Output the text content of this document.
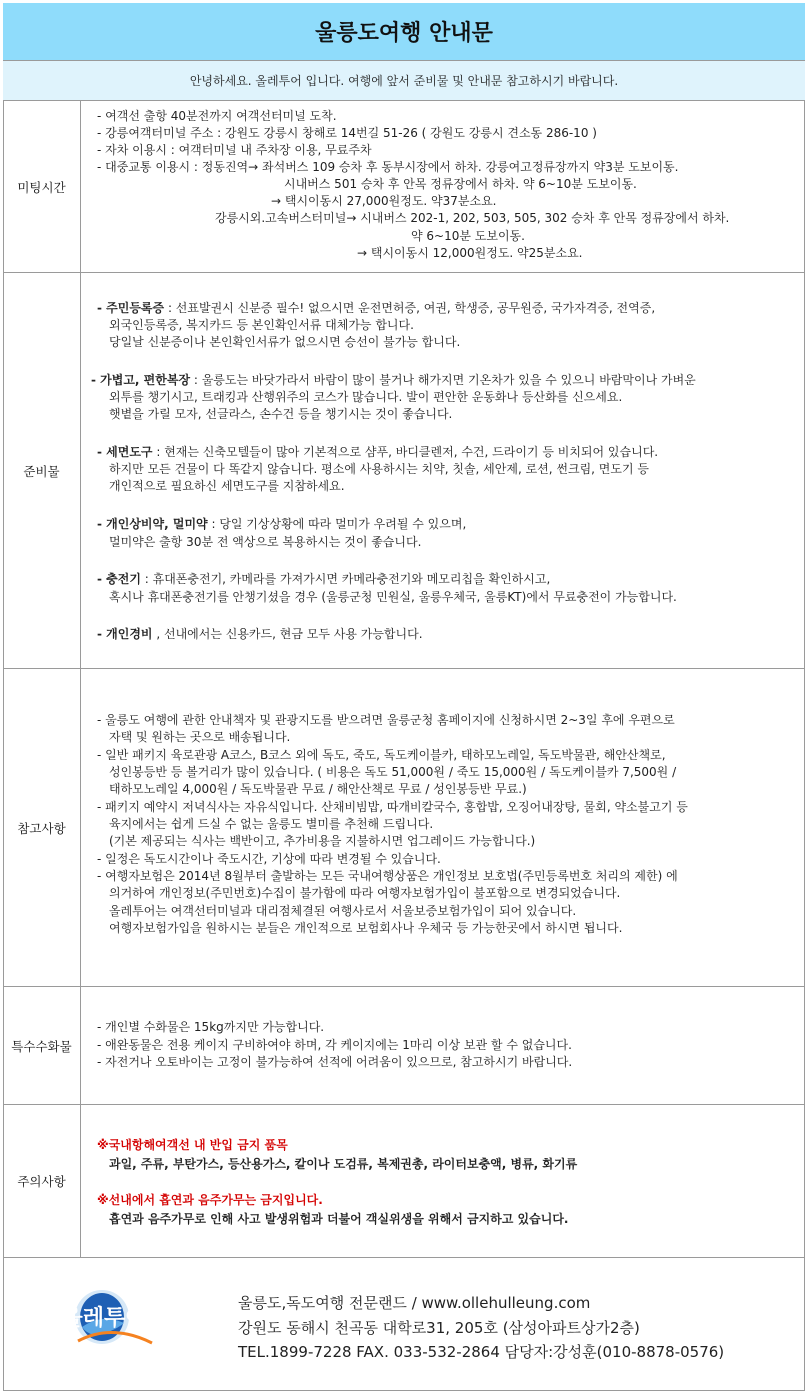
울릉도여행 안내문
안녕하세요. 올레투어 입니다. 여행에 앞서 준비물 및 안내문 참고하시기 바랍니다.
미팅시간
- 여객선 출항 40분전까지 여객선터미널 도착.
- 강릉여객터미널 주소 : 강원도 강릉시 창해로 14번길 51-26 ( 강원도 강릉시 견소동 286-10 )
- 자차 이용시 : 여객터미널 내 주차장 이용, 무료주차
- 대중교통 이용시 : 정동진역→ 좌석버스 109 승차 후 동부시장에서 하차. 강릉여고정류장까지 약3분 도보이동.
시내버스 501 승차 후 안목 정류장에서 하차. 약 6~10분 도보이동.
→ 택시이동시 27,000원정도. 약37분소요.
강릉시외.고속버스터미널→ 시내버스 202-1, 202, 503, 505, 302 승차 후 안목 정류장에서 하차.
약 6~10분 도보이동.
→ 택시이동시 12,000원정도. 약25분소요.
준비물
- 주민등록증 : 선표발권시 신분증 필수! 없으시면 운전면허증, 여권, 학생증, 공무원증, 국가자격증, 전역증,
외국인등록증, 복지카드 등 본인확인서류 대체가능 합니다.
당일날 신분증이나 본인확인서류가 없으시면 승선이 불가능 합니다.
- 가볍고, 편한복장 : 울릉도는 바닷가라서 바람이 많이 불거나 해가지면 기온차가 있을 수 있으니 바람막이나 가벼운
외투를 챙기시고, 트래킹과 산행위주의 코스가 많습니다. 발이 편안한 운동화나 등산화를 신으세요.
햇볕을 가릴 모자, 선글라스, 손수건 등을 챙기시는 것이 좋습니다.
- 세면도구 : 현재는 신축모텔들이 많아 기본적으로 샴푸, 바디클렌저, 수건, 드라이기 등 비치되어 있습니다.
하지만 모든 건물이 다 똑같지 않습니다. 평소에 사용하시는 치약, 칫솔, 세안제, 로션, 썬크림, 면도기 등
개인적으로 필요하신 세면도구를 지참하세요.
- 개인상비약, 멀미약 : 당일 기상상황에 따라 멀미가 우려될 수 있으며,
멀미약은 출항 30분 전 액상으로 복용하시는 것이 좋습니다.
- 충전기 : 휴대폰충전기, 카메라를 가져가시면 카메라충전기와 메모리칩을 확인하시고,
혹시나 휴대폰충전기를 안챙기셨을 경우 (울릉군청 민원실, 울릉우체국, 울릉KT)에서 무료충전이 가능합니다.
- 개인경비 , 선내에서는 신용카드, 현금 모두 사용 가능합니다.
참고사항
- 울릉도 여행에 관한 안내책자 및 관광지도를 받으려면 울릉군청 홈페이지에 신청하시면 2~3일 후에 우편으로
자택 및 원하는 곳으로 배송됩니다.
- 일반 패키지 육로관광 A코스, B코스 외에 독도, 죽도, 독도케이블카, 태하모노레일, 독도박물관, 해안산책로,
성인봉등반 등 볼거리가 많이 있습니다. ( 비용은 독도 51,000원 / 죽도 15,000원 / 독도케이블카 7,500원 /
태하모노레일 4,000원 / 독도박물관 무료 / 해안산책로 무료 / 성인봉등반 무료.)
- 패키지 예약시 저녁식사는 자유식입니다. 산채비빔밥, 따개비칼국수, 홍합밥, 오징어내장탕, 물회, 약소불고기 등
육지에서는 쉽게 드실 수 없는 울릉도 별미를 추천해 드립니다.
(기본 제공되는 식사는 백반이고, 추가비용을 지불하시면 업그레이드 가능합니다.)
- 일정은 독도시간이나 죽도시간, 기상에 따라 변경될 수 있습니다.
- 여행자보험은 2014년 8월부터 출발하는 모든 국내여행상품은 개인정보 보호법(주민등록번호 처리의 제한) 에
의거하여 개인정보(주민번호)수집이 불가함에 따라 여행자보험가입이 불포함으로 변경되었습니다.
올레투어는 여객선터미널과 대리점체결된 여행사로서 서울보증보험가입이 되어 있습니다.
여행자보험가입을 원하시는 분들은 개인적으로 보험회사나 우체국 등 가능한곳에서 하시면 됩니다.
특수수화물
- 개인별 수화물은 15kg까지만 가능합니다.
- 애완동물은 전용 케이지 구비하여야 하며, 각 케이지에는 1마리 이상 보관 할 수 없습니다.
- 자전거나 오토바이는 고정이 불가능하여 선적에 어려움이 있으므로, 참고하시기 바랍니다.
주의사항
※국내항해여객선 내 반입 금지 품목
과일, 주류, 부탄가스, 등산용가스, 칼이나 도검류, 복제권총, 라이터보충액, 병류, 화기류
※선내에서 흡연과 음주가무는 금지입니다.
흡연과 음주가무로 인해 사고 발생위험과 더불어 객실위생을 위해서 금지하고 있습니다.
올레투어
울릉도,독도여행 전문랜드 / www.ollehulleung.com
강원도 동해시 천곡동 대학로31, 205호 (삼성아파트상가2층)
TEL.1899-7228 FAX. 033-532-2864 담당자:강성훈(010-8878-0576)
